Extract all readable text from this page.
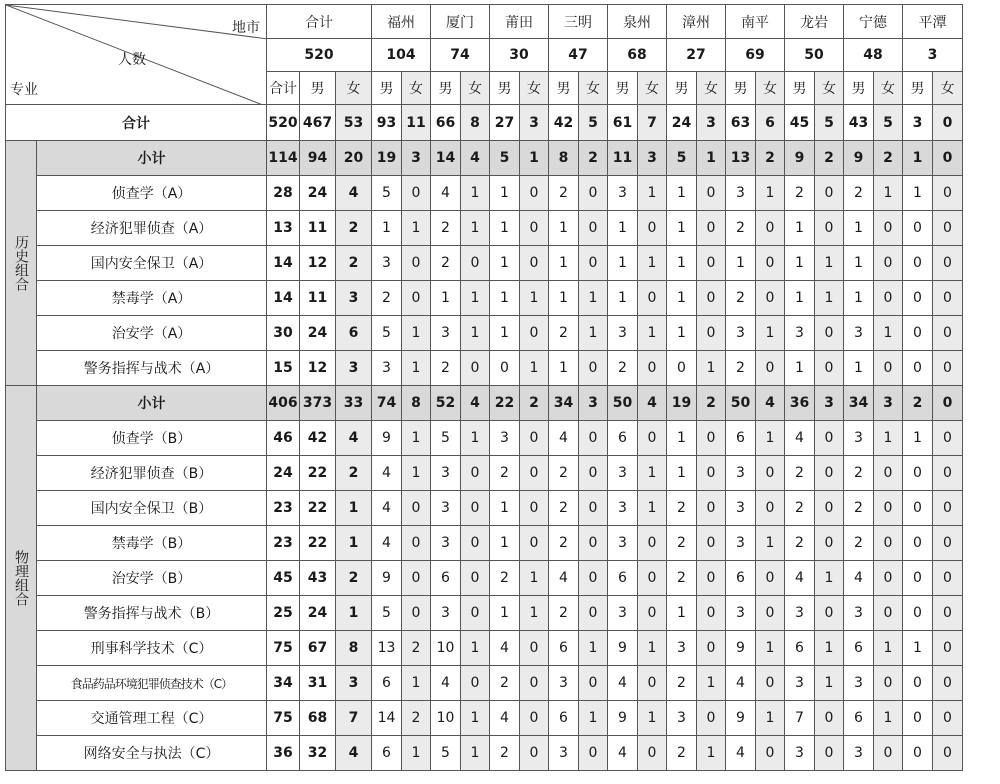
地市
人数
专业		合计			福州		厦门		莆田		三明		泉州		漳州		南平		龙岩		宁德		平潭	
		520			104		74		30		47		68		27		69		50		48		3	
		合计	男	女	男	女	男	女	男	女	男	女	男	女	男	女	男	女	男	女	男	女	男	女
合计		520	467	53	93	11	66	8	27	3	42	5	61	7	24	3	63	6	45	5	43	5	3	0
历史组合	小计	114	94	20	19	3	14	4	5	1	8	2	11	3	5	1	13	2	9	2	9	2	1	0
	侦查学（A）	28	24	4	5	0	4	1	1	0	2	0	3	1	1	0	3	1	2	0	2	1	1	0
	经济犯罪侦查（A）	13	11	2	1	1	2	1	1	0	1	0	1	0	1	0	2	0	1	0	1	0	0	0
	国内安全保卫（A）	14	12	2	3	0	2	0	1	0	1	0	1	1	1	0	1	0	1	1	1	0	0	0
	禁毒学（A）	14	11	3	2	0	1	1	1	1	1	1	1	0	1	0	2	0	1	1	1	0	0	0
	治安学（A）	30	24	6	5	1	3	1	1	0	2	1	3	1	1	0	3	1	3	0	3	1	0	0
	警务指挥与战术（A）	15	12	3	3	1	2	0	0	1	1	0	2	0	0	1	2	0	1	0	1	0	0	0
物理组合	小计	406	373	33	74	8	52	4	22	2	34	3	50	4	19	2	50	4	36	3	34	3	2	0
	侦查学（B）	46	42	4	9	1	5	1	3	0	4	0	6	0	1	0	6	1	4	0	3	1	1	0
	经济犯罪侦查（B）	24	22	2	4	1	3	0	2	0	2	0	3	1	1	0	3	0	2	0	2	0	0	0
	国内安全保卫（B）	23	22	1	4	0	3	0	1	0	2	0	3	1	2	0	3	0	2	0	2	0	0	0
	禁毒学（B）	23	22	1	4	0	3	0	1	0	2	0	3	0	2	0	3	1	2	0	2	0	0	0
	治安学（B）	45	43	2	9	0	6	0	2	1	4	0	6	0	2	0	6	0	4	1	4	0	0	0
	警务指挥与战术（B）	25	24	1	5	0	3	0	1	1	2	0	3	0	1	0	3	0	3	0	3	0	0	0
	刑事科学技术（C）	75	67	8	13	2	10	1	4	0	6	1	9	1	3	0	9	1	6	1	6	1	1	0
	食品药品环境犯罪侦查技术（C）	34	31	3	6	1	4	0	2	0	3	0	4	0	2	1	4	0	3	1	3	0	0	0
	交通管理工程（C）	75	68	7	14	2	10	1	4	0	6	1	9	1	3	0	9	1	7	0	6	1	0	0
	网络安全与执法（C）	36	32	4	6	1	5	1	2	0	3	0	4	0	2	1	4	0	3	0	3	0	0	0
